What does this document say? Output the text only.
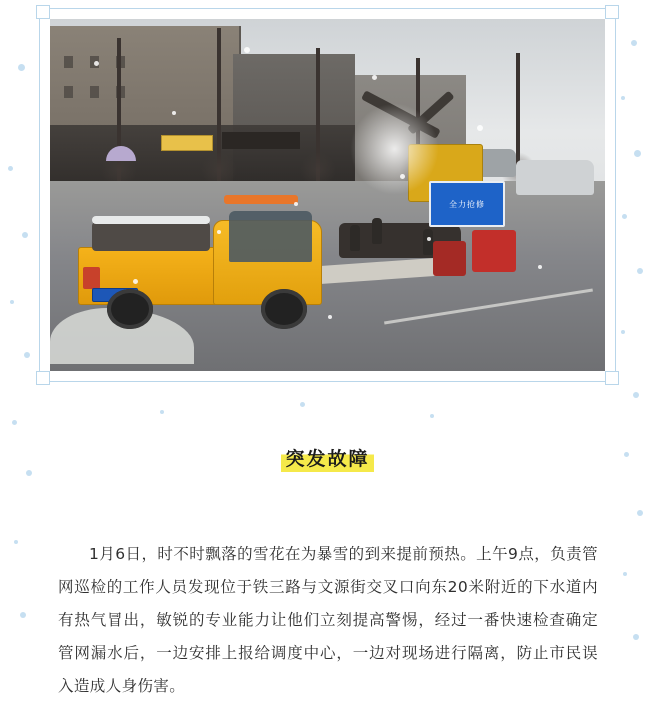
全力抢修
突发故障

1月6日，时不时飘落的雪花在为暴雪的到来提前预热。上午9点，负责管网巡检的工作人员发现位于铁三路与文源街交叉口向东20米附近的下水道内有热气冒出，敏锐的专业能力让他们立刻提高警惕，经过一番快速检查确定管网漏水后，一边安排上报给调度中心，一边对现场进行隔离，防止市民误入造成人身伤害。
